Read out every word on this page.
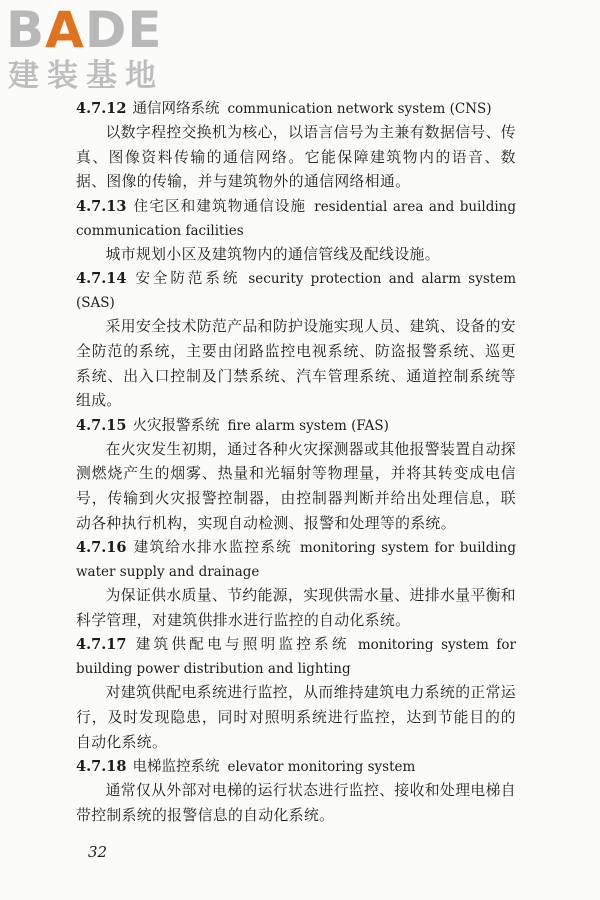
BADE
建装基地
4.7.12 通信网络系统 communication network system (CNS)
以数字程控交换机为核心，以语言信号为主兼有数据信号、传真、图像资料传输的通信网络。它能保障建筑物内的语音、数据、图像的传输，并与建筑物外的通信网络相通。
4.7.13 住宅区和建筑物通信设施 residential area and building communication facilities
城市规划小区及建筑物内的通信管线及配线设施。
4.7.14 安全防范系统 security protection and alarm system (SAS)
采用安全技术防范产品和防护设施实现人员、建筑、设备的安全防范的系统，主要由闭路监控电视系统、防盗报警系统、巡更系统、出入口控制及门禁系统、汽车管理系统、通道控制系统等组成。
4.7.15 火灾报警系统 fire alarm system (FAS)
在火灾发生初期，通过各种火灾探测器或其他报警装置自动探测燃烧产生的烟雾、热量和光辐射等物理量，并将其转变成电信号，传输到火灾报警控制器，由控制器判断并给出处理信息，联动各种执行机构，实现自动检测、报警和处理等的系统。
4.7.16 建筑给水排水监控系统 monitoring system for building water supply and drainage
为保证供水质量、节约能源，实现供需水量、进排水量平衡和科学管理，对建筑供排水进行监控的自动化系统。
4.7.17 建筑供配电与照明监控系统 monitoring system for building power distribution and lighting
对建筑供配电系统进行监控，从而维持建筑电力系统的正常运行，及时发现隐患，同时对照明系统进行监控，达到节能目的的自动化系统。
4.7.18 电梯监控系统 elevator monitoring system
通常仅从外部对电梯的运行状态进行监控、接收和处理电梯自带控制系统的报警信息的自动化系统。
32
